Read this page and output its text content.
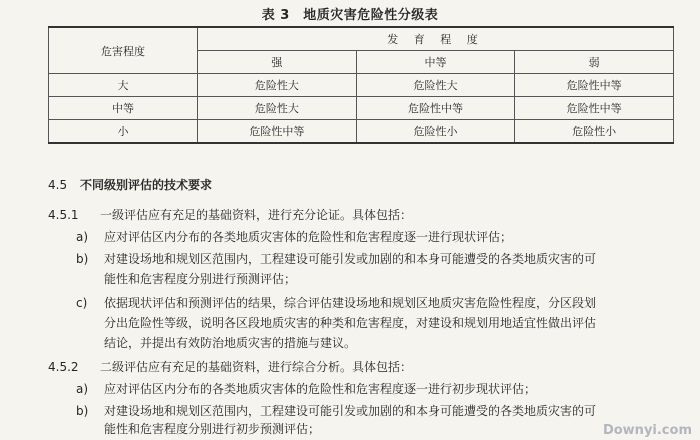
表 3　地质灾害危险性分级表
危害程度	发 育 程 度		
	强	中等	弱
大	危险性大	危险性大	危险性中等
中等	危险性大	危险性中等	危险性中等
小	危险性中等	危险性小	危险性小
4.5 不同级别评估的技术要求
4.5.1 一级评估应有充足的基础资料，进行充分论证。具体包括：
a) 应对评估区内分布的各类地质灾害体的危险性和危害程度逐一进行现状评估；
b) 对建设场地和规划区范围内，工程建设可能引发或加剧的和本身可能遭受的各类地质灾害的可
能性和危害程度分别进行预测评估；
c) 依据现状评估和预测评估的结果，综合评估建设场地和规划区地质灾害危险性程度，分区段划
分出危险性等级，说明各区段地质灾害的种类和危害程度，对建设和规划用地适宜性做出评估
结论，并提出有效防治地质灾害的措施与建议。
4.5.2 二级评估应有充足的基础资料，进行综合分析。具体包括：
a) 应对评估区内分布的各类地质灾害体的危险性和危害程度逐一进行初步现状评估；
b) 对建设场地和规划区范围内，工程建设可能引发或加剧的和本身可能遭受的各类地质灾害的可
能性和危害程度分别进行初步预测评估；	Downyi.com
